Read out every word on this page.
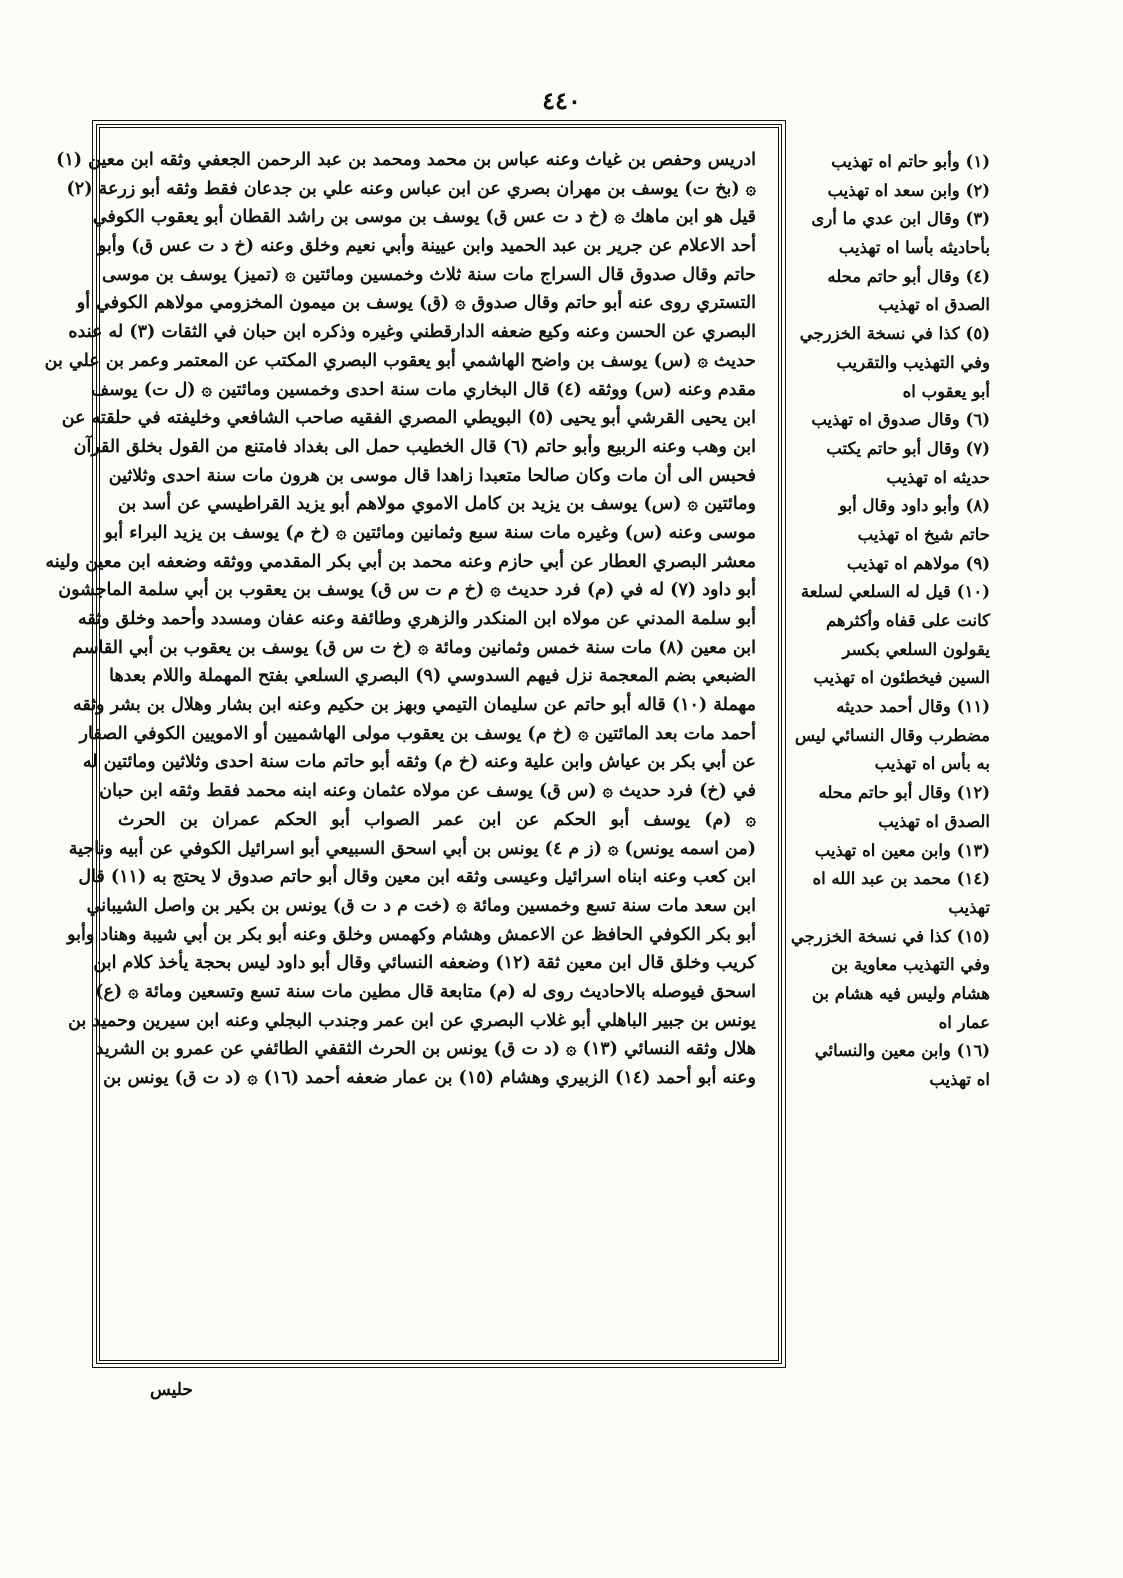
٤٤٠
ادريس وحفص بن غياث وعنه عباس بن محمد ومحمد بن عبد الرحمن الجعفي وثقه ابن معين (١)
۞ (بخ ت) يوسف بن مهران بصري عن ابن عباس وعنه علي بن جدعان فقط وثقه أبو زرعة (٢)
قيل هو ابن ماهك ۞ (خ د ت عس ق) يوسف بن موسى بن راشد القطان أبو يعقوب الكوفي
أحد الاعلام عن جرير بن عبد الحميد وابن عيينة وأبي نعيم وخلق وعنه (خ د ت عس ق) وأبو
حاتم وقال صدوق قال السراج مات سنة ثلاث وخمسين ومائتين ۞ (تميز) يوسف بن موسى
التستري روى عنه أبو حاتم وقال صدوق ۞ (ق) يوسف بن ميمون المخزومي مولاهم الكوفي أو
البصري عن الحسن وعنه وكيع ضعفه الدارقطني وغيره وذكره ابن حبان في الثقات (٣) له عنده
حديث ۞ (س) يوسف بن واضح الهاشمي أبو يعقوب البصري المكتب عن المعتمر وعمر بن علي بن
مقدم وعنه (س) ووثقه (٤) قال البخاري مات سنة احدى وخمسين ومائتين ۞ (ل ت) يوسف
ابن يحيى القرشي أبو يحيى (٥) البويطي المصري الفقيه صاحب الشافعي وخليفته في حلقته عن
ابن وهب وعنه الربيع وأبو حاتم (٦) قال الخطيب حمل الى بغداد فامتنع من القول بخلق القرآن
فحبس الى أن مات وكان صالحا متعبدا زاهدا قال موسى بن هرون مات سنة احدى وثلاثين
ومائتين ۞ (س) يوسف بن يزيد بن كامل الاموي مولاهم أبو يزيد القراطيسي عن أسد بن
موسى وعنه (س) وغيره مات سنة سبع وثمانين ومائتين ۞ (خ م) يوسف بن يزيد البراء أبو
معشر البصري العطار عن أبي حازم وعنه محمد بن أبي بكر المقدمي ووثقه وضعفه ابن معين ولينه
أبو داود (٧) له في (م) فرد حديث ۞ (خ م ت س ق) يوسف بن يعقوب بن أبي سلمة الماجشون
أبو سلمة المدني عن مولاه ابن المنكدر والزهري وطائفة وعنه عفان ومسدد وأحمد وخلق وثقه
ابن معين (٨) مات سنة خمس وثمانين ومائة ۞ (خ ت س ق) يوسف بن يعقوب بن أبي القاسم
الضبعي بضم المعجمة نزل فيهم السدوسي (٩) البصري السلعي بفتح المهملة واللام بعدها
مهملة (١٠) قاله أبو حاتم عن سليمان التيمي وبهز بن حكيم وعنه ابن بشار وهلال بن بشر وثقه
أحمد مات بعد المائتين ۞ (خ م) يوسف بن يعقوب مولى الهاشميين أو الامويين الكوفي الصفار
عن أبي بكر بن عياش وابن علية وعنه (خ م) وثقه أبو حاتم مات سنة احدى وثلاثين ومائتين له
في (خ) فرد حديث ۞ (س ق) يوسف عن مولاه عثمان وعنه ابنه محمد فقط وثقه ابن حبان
۞ (م) يوسف أبو الحكم عن ابن عمر الصواب أبو الحكم عمران بن الحرث
(من اسمه يونس) ۞ (ز م ٤) يونس بن أبي اسحق السبيعي أبو اسرائيل الكوفي عن أبيه وناجية
ابن كعب وعنه ابناه اسرائيل وعيسى وثقه ابن معين وقال أبو حاتم صدوق لا يحتج به (١١) قال
ابن سعد مات سنة تسع وخمسين ومائة ۞ (خت م د ت ق) يونس بن بكير بن واصل الشيباني
أبو بكر الكوفي الحافظ عن الاعمش وهشام وكهمس وخلق وعنه أبو بكر بن أبي شيبة وهناد وأبو
كريب وخلق قال ابن معين ثقة (١٢) وضعفه النسائي وقال أبو داود ليس بحجة يأخذ كلام ابن
اسحق فيوصله بالاحاديث روى له (م) متابعة قال مطين مات سنة تسع وتسعين ومائة ۞ (ع)
يونس بن جبير الباهلي أبو غلاب البصري عن ابن عمر وجندب البجلي وعنه ابن سيرين وحميد بن
هلال وثقه النسائي (١٣) ۞ (د ت ق) يونس بن الحرث الثقفي الطائفي عن عمرو بن الشريد
وعنه أبو أحمد (١٤) الزبيري وهشام (١٥) بن عمار ضعفه أحمد (١٦) ۞ (د ت ق) يونس بن
(١) وأبو حاتم اه تهذيب
(٢) وابن سعد اه تهذيب
(٣) وقال ابن عدي ما أرى
بأحاديثه بأسا اه تهذيب
(٤) وقال أبو حاتم محله
الصدق اه تهذيب
(٥) كذا في نسخة الخزرجي
وفي التهذيب والتقريب
أبو يعقوب اه
(٦) وقال صدوق اه تهذيب
(٧) وقال أبو حاتم يكتب
حديثه اه تهذيب
(٨) وأبو داود وقال أبو
حاتم شيخ اه تهذيب
(٩) مولاهم اه تهذيب
(١٠) قيل له السلعي لسلعة
كانت على قفاه وأكثرهم
يقولون السلعي بكسر
السين فيخطئون اه تهذيب
(١١) وقال أحمد حديثه
مضطرب وقال النسائي ليس
به بأس اه تهذيب
(١٢) وقال أبو حاتم محله
الصدق اه تهذيب
(١٣) وابن معين اه تهذيب
(١٤) محمد بن عبد الله اه
تهذيب
(١٥) كذا في نسخة الخزرجي
وفي التهذيب معاوية بن
هشام وليس فيه هشام بن
عمار اه
(١٦) وابن معين والنسائي
اه تهذيب
حليس
